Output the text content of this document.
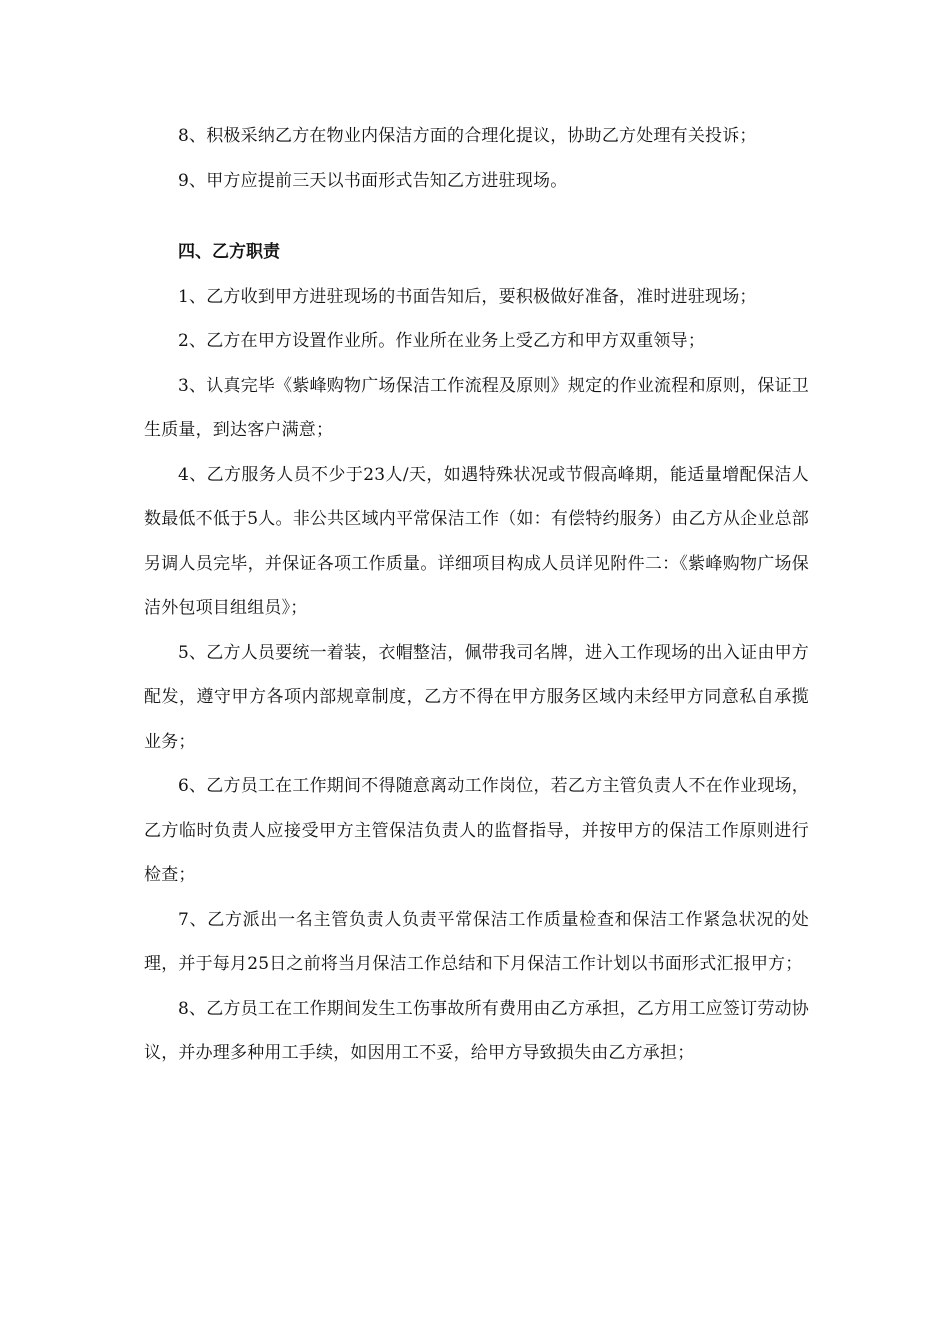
8、积极采纳乙方在物业内保洁方面的合理化提议，协助乙方处理有关投诉；

9、甲方应提前三天以书面形式告知乙方进驻现场。

四、乙方职责

1、乙方收到甲方进驻现场的书面告知后，要积极做好准备，准时进驻现场；

2、乙方在甲方设置作业所。作业所在业务上受乙方和甲方双重领导；

3、认真完毕《紫峰购物广场保洁工作流程及原则》规定的作业流程和原则，保证卫生质量，到达客户满意；

4、乙方服务人员不少于23人/天，如遇特殊状况或节假高峰期，能适量增配保洁人数最低不低于5人。非公共区域内平常保洁工作（如：有偿特约服务）由乙方从企业总部另调人员完毕，并保证各项工作质量。详细项目构成人员详见附件二：《紫峰购物广场保洁外包项目组组员》；

5、乙方人员要统一着装，衣帽整洁，佩带我司名牌，进入工作现场的出入证由甲方配发，遵守甲方各项内部规章制度，乙方不得在甲方服务区域内未经甲方同意私自承揽业务；

6、乙方员工在工作期间不得随意离动工作岗位，若乙方主管负责人不在作业现场，乙方临时负责人应接受甲方主管保洁负责人的监督指导，并按甲方的保洁工作原则进行检查；

7、乙方派出一名主管负责人负责平常保洁工作质量检查和保洁工作紧急状况的处理，并于每月25日之前将当月保洁工作总结和下月保洁工作计划以书面形式汇报甲方；

8、乙方员工在工作期间发生工伤事故所有费用由乙方承担，乙方用工应签订劳动协议，并办理多种用工手续，如因用工不妥，给甲方导致损失由乙方承担；
